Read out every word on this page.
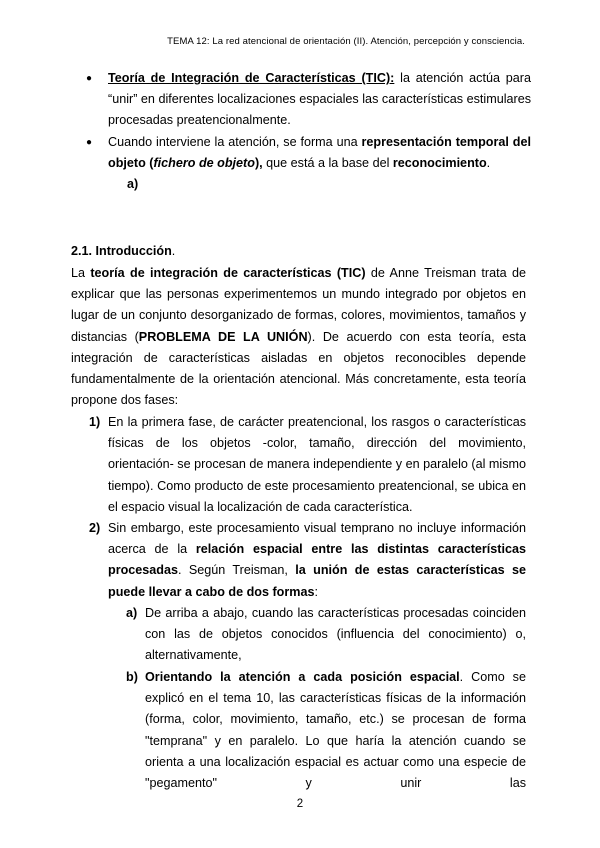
TEMA 12: La red atencional de orientación (II). Atención, percepción y consciencia.
● Teoría de Integración de Características (TIC): la atención actúa para “unir” en diferentes localizaciones espaciales las características estimulares procesadas preatencionalmente.
● Cuando interviene la atención, se forma una representación temporal del objeto (fichero de objeto), que está a la base del reconocimiento.
a)
2.1. Introducción.
La teoría de integración de características (TIC) de Anne Treisman trata de explicar que las personas experimentemos un mundo integrado por objetos en lugar de un conjunto desorganizado de formas, colores, movimientos, tamaños y distancias (PROBLEMA DE LA UNIÓN). De acuerdo con esta teoría, esta integración de características aisladas en objetos reconocibles depende fundamentalmente de la orientación atencional. Más concretamente, esta teoría propone dos fases:
1) En la primera fase, de carácter preatencional, los rasgos o características físicas de los objetos -color, tamaño, dirección del movimiento, orientación- se procesan de manera independiente y en paralelo (al mismo tiempo). Como producto de este procesamiento preatencional, se ubica en el espacio visual la localización de cada característica.
2) Sin embargo, este procesamiento visual temprano no incluye información acerca de la relación espacial entre las distintas características procesadas. Según Treisman, la unión de estas características se puede llevar a cabo de dos formas:
a) De arriba a abajo, cuando las características procesadas coinciden con las de objetos conocidos (influencia del conocimiento) o, alternativamente,
b) Orientando la atención a cada posición espacial. Como se explicó en el tema 10, las características físicas de la información (forma, color, movimiento, tamaño, etc.) se procesan de forma "temprana" y en paralelo. Lo que haría la atención cuando se orienta a una localización espacial es actuar como una especie de "pegamento" y unir las
2
